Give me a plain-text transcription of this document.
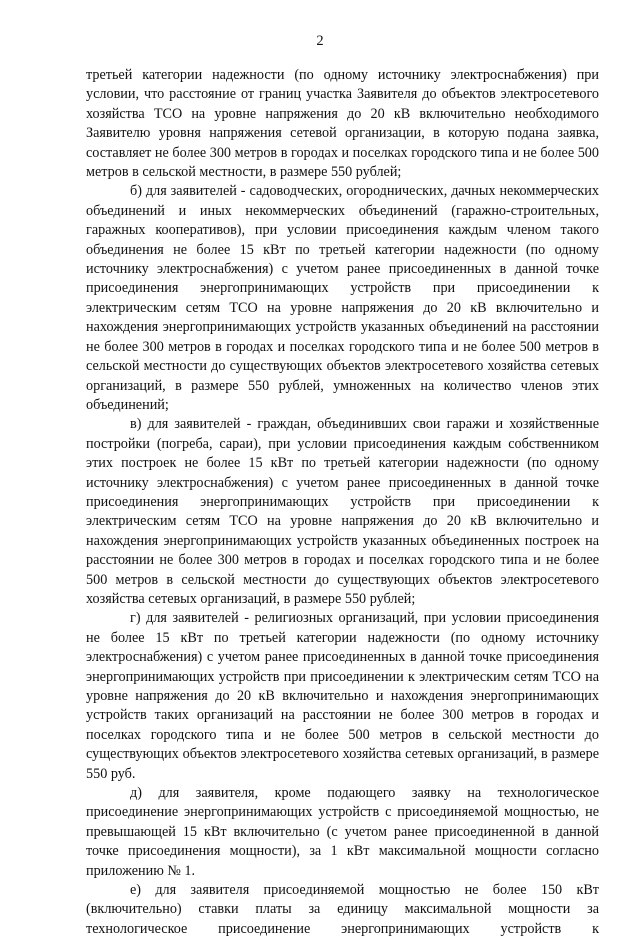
2

третьей категории надежности (по одному источнику электроснабжения) при условии, что расстояние от границ участка Заявителя до объектов электросетевого хозяйства ТСО на уровне напряжения до 20 кВ включительно необходимого Заявителю уровня напряжения сетевой организации, в которую подана заявка, составляет не более 300 метров в городах и поселках городского типа и не более 500 метров в сельской местности, в размере 550 рублей;

б) для заявителей - садоводческих, огороднических, дачных некоммерческих объединений и иных некоммерческих объединений (гаражно-строительных, гаражных кооперативов), при условии присоединения каждым членом такого объединения не более 15 кВт по третьей категории надежности (по одному источнику электроснабжения) с учетом ранее присоединенных в данной точке присоединения энергопринимающих устройств при присоединении к электрическим сетям ТСО на уровне напряжения до 20 кВ включительно и нахождения энергопринимающих устройств указанных объединений на расстоянии не более 300 метров в городах и поселках городского типа и не более 500 метров в сельской местности до существующих объектов электросетевого хозяйства сетевых организаций, в размере 550 рублей, умноженных на количество членов этих объединений;

в) для заявителей - граждан, объединивших свои гаражи и хозяйственные постройки (погреба, сараи), при условии присоединения каждым собственником этих построек не более 15 кВт по третьей категории надежности (по одному источнику электроснабжения) с учетом ранее присоединенных в данной точке присоединения энергопринимающих устройств при присоединении к электрическим сетям ТСО на уровне напряжения до 20 кВ включительно и нахождения энергопринимающих устройств указанных объединенных построек на расстоянии не более 300 метров в городах и поселках городского типа и не более 500 метров в сельской местности до существующих объектов электросетевого хозяйства сетевых организаций, в размере 550 рублей;

г) для заявителей - религиозных организаций, при условии присоединения не более 15 кВт по третьей категории надежности (по одному источнику электроснабжения) с учетом ранее присоединенных в данной точке присоединения энергопринимающих устройств при присоединении к электрическим сетям ТСО на уровне напряжения до 20 кВ включительно и нахождения энергопринимающих устройств таких организаций на расстоянии не более 300 метров в городах и поселках городского типа и не более 500 метров в сельской местности до существующих объектов электросетевого хозяйства сетевых организаций, в размере 550 руб.

д) для заявителя, кроме подающего заявку на технологическое присоединение энергопринимающих устройств с присоединяемой мощностью, не превышающей 15 кВт включительно (с учетом ранее присоединенной в данной точке присоединения мощности), за 1 кВт максимальной мощности согласно приложению № 1.

е) для заявителя присоединяемой мощностью не более 150 кВт (включительно) ставки платы за единицу максимальной мощности за технологическое присоединение энергопринимающих устройств к
